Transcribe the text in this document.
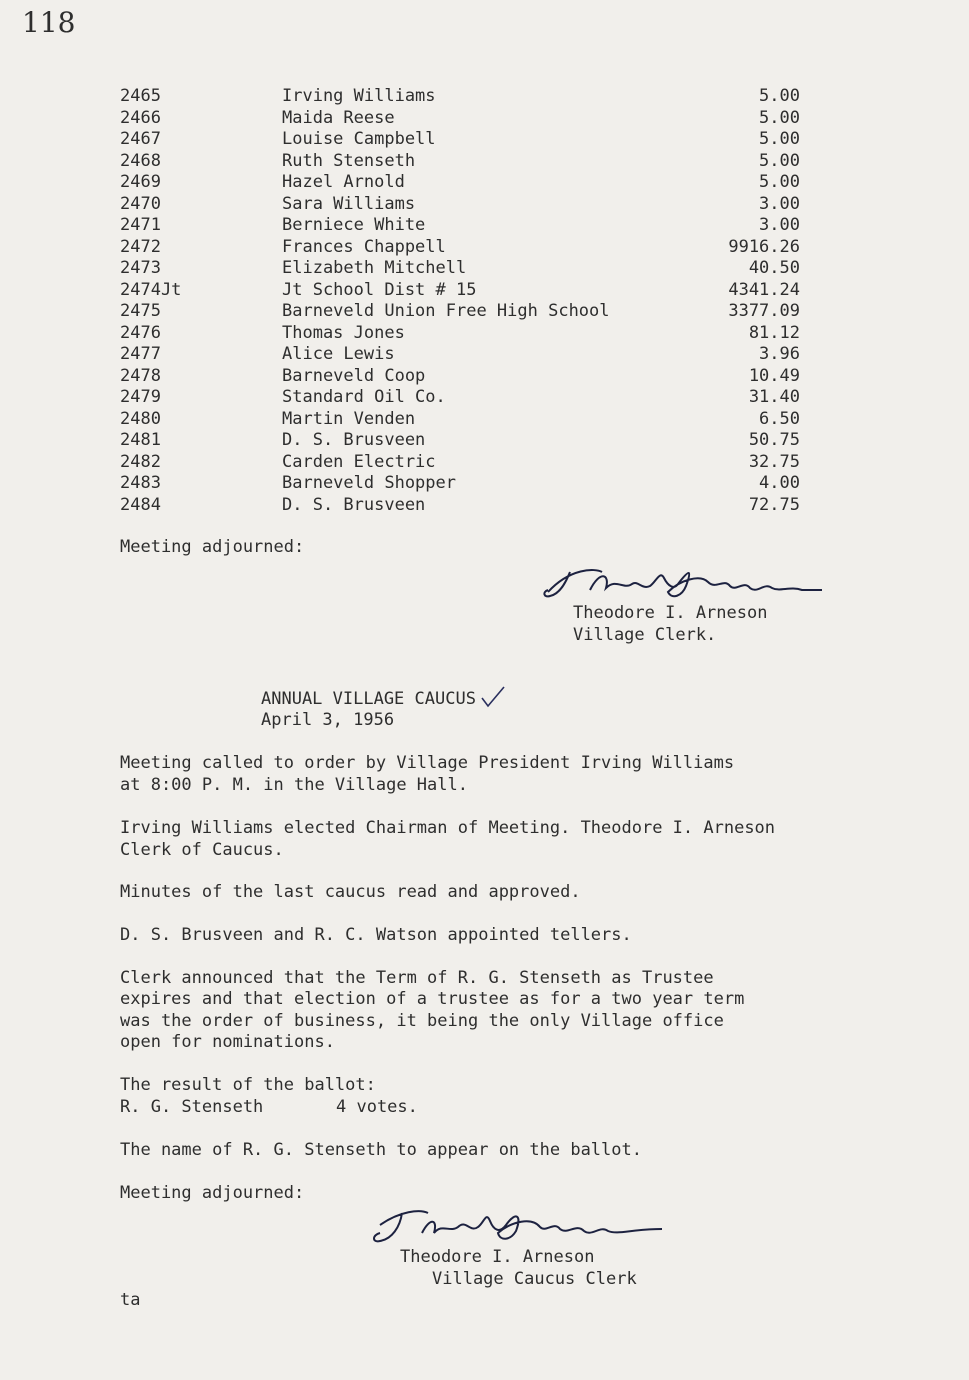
118
2465	Irving Williams	5.00
2466	Maida Reese	5.00
2467	Louise Campbell	5.00
2468	Ruth Stenseth	5.00
2469	Hazel Arnold	5.00
2470	Sara Williams	3.00
2471	Berniece White	3.00
2472	Frances Chappell	9916.26
2473	Elizabeth Mitchell	40.50
2474Jt	Jt School Dist # 15	4341.24
2475	Barneveld Union Free High School	3377.09
2476	Thomas Jones	81.12
2477	Alice Lewis	3.96
2478	Barneveld Coop	10.49
2479	Standard Oil Co.	31.40
2480	Martin Venden	6.50
2481	D. S. Brusveen	50.75
2482	Carden Electric	32.75
2483	Barneveld Shopper	4.00
2484	D. S. Brusveen	72.75
Meeting adjourned:
Theodore I. Arneson
Village Clerk.
ANNUAL VILLAGE CAUCUS
April 3, 1956
Meeting called to order by Village President Irving Williams
at 8:00 P. M. in the Village Hall.
Irving Williams elected Chairman of Meeting. Theodore I. Arneson
Clerk of Caucus.
Minutes of the last caucus read and approved.
D. S. Brusveen and R. C. Watson appointed tellers.
Clerk announced that the Term of R. G. Stenseth as Trustee
expires and that election of a trustee as for a two year term
was the order of business, it being the only Village office
open for nominations.
The result of the ballot:
R. G. Stenseth	4 votes.
The name of R. G. Stenseth to appear on the ballot.
Meeting adjourned:
Theodore I. Arneson
Village Caucus Clerk
ta
